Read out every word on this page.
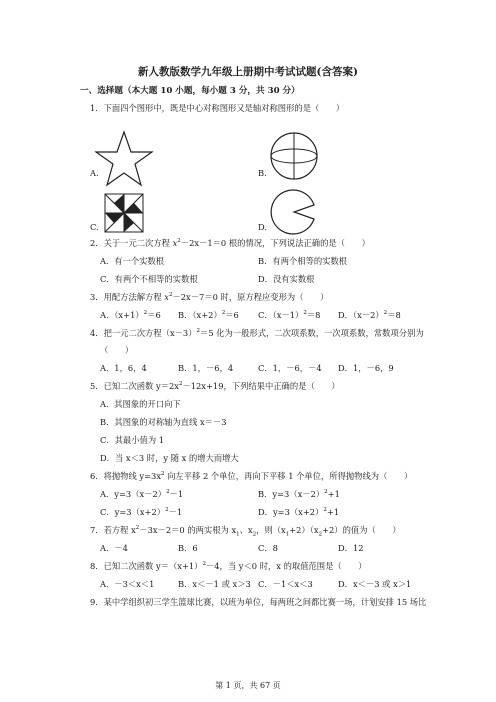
新人教版数学九年级上册期中考试试题(含答案)
一、选择题（本大题 10 小题，每小题 3 分，共 30 分）
1．下面四个图形中，既是中心对称图形又是轴对称图形的是（　　）
A.	B.
C.	D.
2．关于一元二次方程 $x^2-2x-1=0$ 根的情况，下列说法正确的是（　　）
A．有一个实数根	B．有两个相等的实数根
C．有两个不相等的实数根	D．没有实数根
3．用配方法解方程 $x^2-2x-7=0$ 时，原方程应变形为（　　）
A．$(x+1)^2=6$ B．$(x+2)^2=6$ C．$(x-1)^2=8$ D．$(x-2)^2=8$
4．把一元二次方程$(x-3)^2=5$ 化为一般形式，二次项系数，一次项系数，常数项分别为
（　　）
A．1，6，4	B．1，－6，4	C．1，－6，－4 D．1，－6，9
5．已知二次函数 $y=2x^2-12x+19$，下列结果中正确的是（　　）
A．其图象的开口向下
B．其图象的对称轴为直线 x＝－3
C．其最小值为 1
D．当 x＜3 时，y 随 x 的增大而增大
6．将抛物线 $y=3x^2$ 向左平移 2 个单位，再向下平移 1 个单位，所得抛物线为（　　）
A．$y=3(x-2)^2-1$	B．$y=3(x-2)^2+1$
C．$y=3(x+2)^2-1$	D．$y=3(x+2)^2+1$
7．若方程 $x^2-3x-2=0$ 的两实根为 $x_1$、$x_2$，则$(x_1+2)(x_2+2)$的值为（　　）
A．－4	B．6	C．8	D．12
8．已知二次函数 $y=(x+1)^2-4$，当 y＜0 时，x 的取值范围是（　　）
A．－3＜x＜1	B．x＜－1 或 x＞3 C．－1＜x＜3	D．x＜－3 或 x＞1
9．某中学组织初三学生篮球比赛，以班为单位，每两班之间都比赛一场，计划安排 15 场比
第 1 页，共 67 页
